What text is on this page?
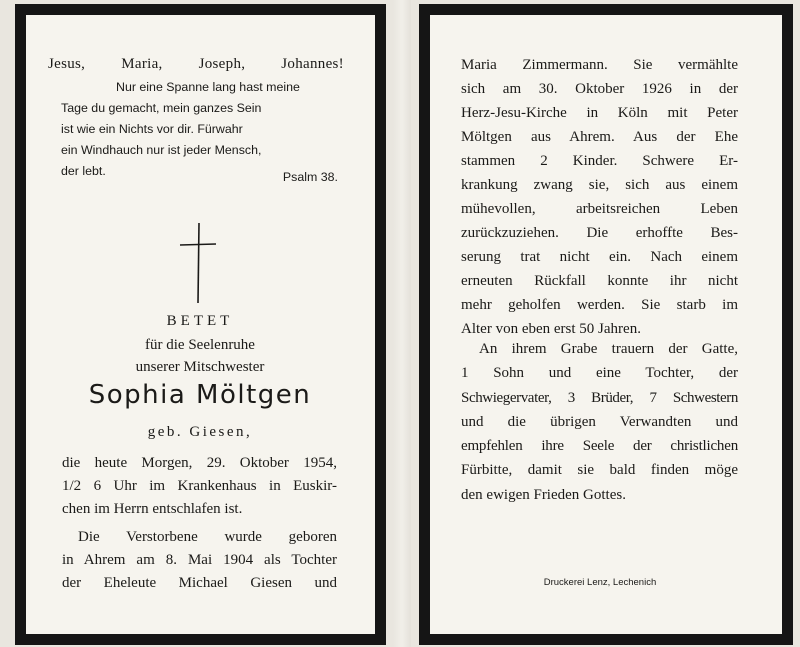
Jesus, Maria, Joseph, Johannes!
Nur eine Spanne lang hast meine
Tage du gemacht, mein ganzes Sein
ist wie ein Nichts vor dir. Fürwahr
ein Windhauch nur ist jeder Mensch,
der lebt.	Psalm 38.
BETET
für die Seelenruhe
unserer Mitschwester
Sophia Möltgen
geb. Giesen,
die heute Morgen, 29. Oktober 1954,
1/2 6 Uhr im Krankenhaus in Euskir-
chen im Herrn entschlafen ist.
Die Verstorbene wurde geboren
in Ahrem am 8. Mai 1904 als Tochter
der Eheleute Michael Giesen und
Maria Zimmermann. Sie vermählte
sich am 30. Oktober 1926 in der
Herz-Jesu-Kirche in Köln mit Peter
Möltgen aus Ahrem. Aus der Ehe
stammen 2 Kinder. Schwere Er-
krankung zwang sie, sich aus einem
mühevollen, arbeitsreichen Leben
zurückzuziehen. Die erhoffte Bes-
serung trat nicht ein. Nach einem
erneuten Rückfall konnte ihr nicht
mehr geholfen werden. Sie starb im
Alter von eben erst 50 Jahren.
An ihrem Grabe trauern der Gatte,
1 Sohn und eine Tochter, der
Schwiegervater, 3 Brüder, 7 Schwestern
und die übrigen Verwandten und
empfehlen ihre Seele der christlichen
Fürbitte, damit sie bald finden möge
den ewigen Frieden Gottes.
Druckerei Lenz, Lechenich
